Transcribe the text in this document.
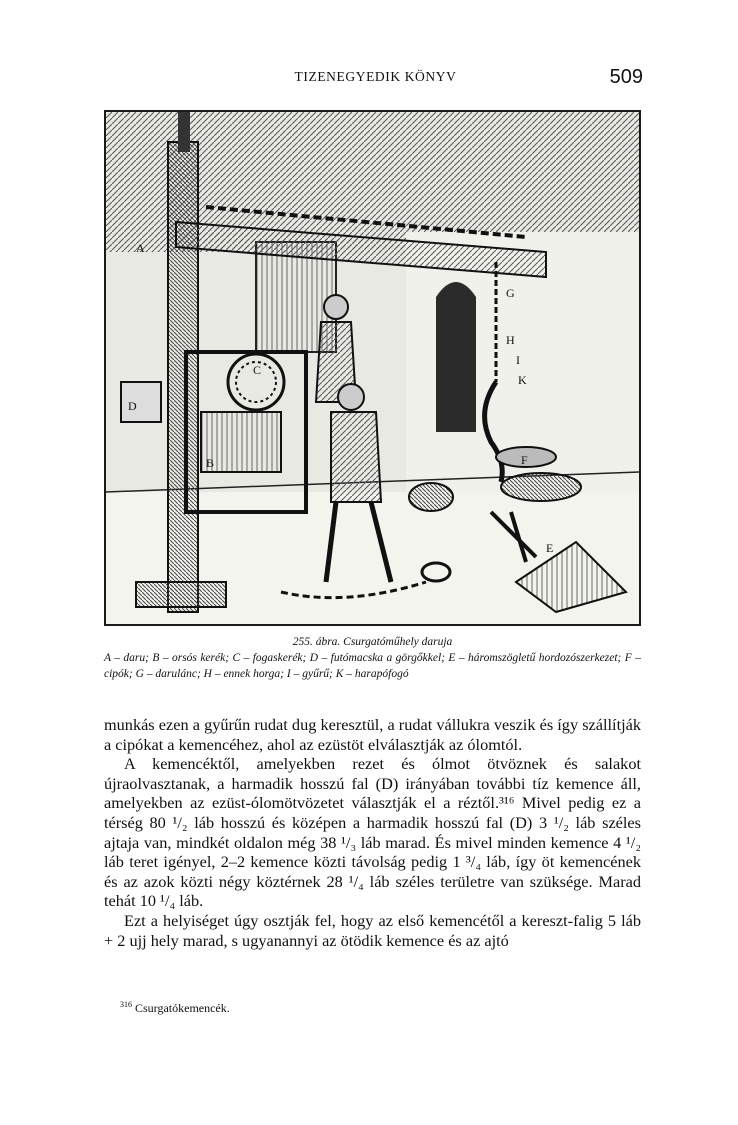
TIZENEGYEDIK KÖNYV	509
A
B
C
D
E
F
G
H
I
K
255. ábra. Csurgatóműhely daruja
A – daru; B – orsós kerék; C – fogaskerék; D – futómacska a görgőkkel; E – háromszögletű hordozószerkezet; F – cipók; G – darulánc; H – ennek horga; I – gyűrű; K – harapófogó

munkás ezen a gyűrűn rudat dug keresztül, a rudat vállukra veszik és így szállítják a cipókat a kemencéhez, ahol az ezüstöt elválasztják az ólomtól.

A kemencéktől, amelyekben rezet és ólmot ötvöznek és salakot újraolvasztanak, a harmadik hosszú fal (D) irányában további tíz kemence áll, amelyekben az ezüst-ólomötvözetet választják el a réztől.³¹⁶ Mivel pedig ez a térség 80 ¹/₂ láb hosszú és középen a harmadik hosszú fal (D) 3 ¹/₂ láb széles ajtaja van, mindkét oldalon még 38 ¹/₃ láb marad. És mivel minden kemence 4 ¹/₂ láb teret igényel, 2–2 kemence közti távolság pedig 1 ³/₄ láb, így öt kemencének és az azok közti négy köztérnek 28 ¹/₄ láb széles területre van szüksége. Marad tehát 10 ¹/₄ láb.

Ezt a helyiséget úgy osztják fel, hogy az első kemencétől a kereszt-falig 5 láb + 2 ujj hely marad, s ugyanannyi az ötödik kemence és az ajtó

$^{316}$ Csurgatókemencék.
